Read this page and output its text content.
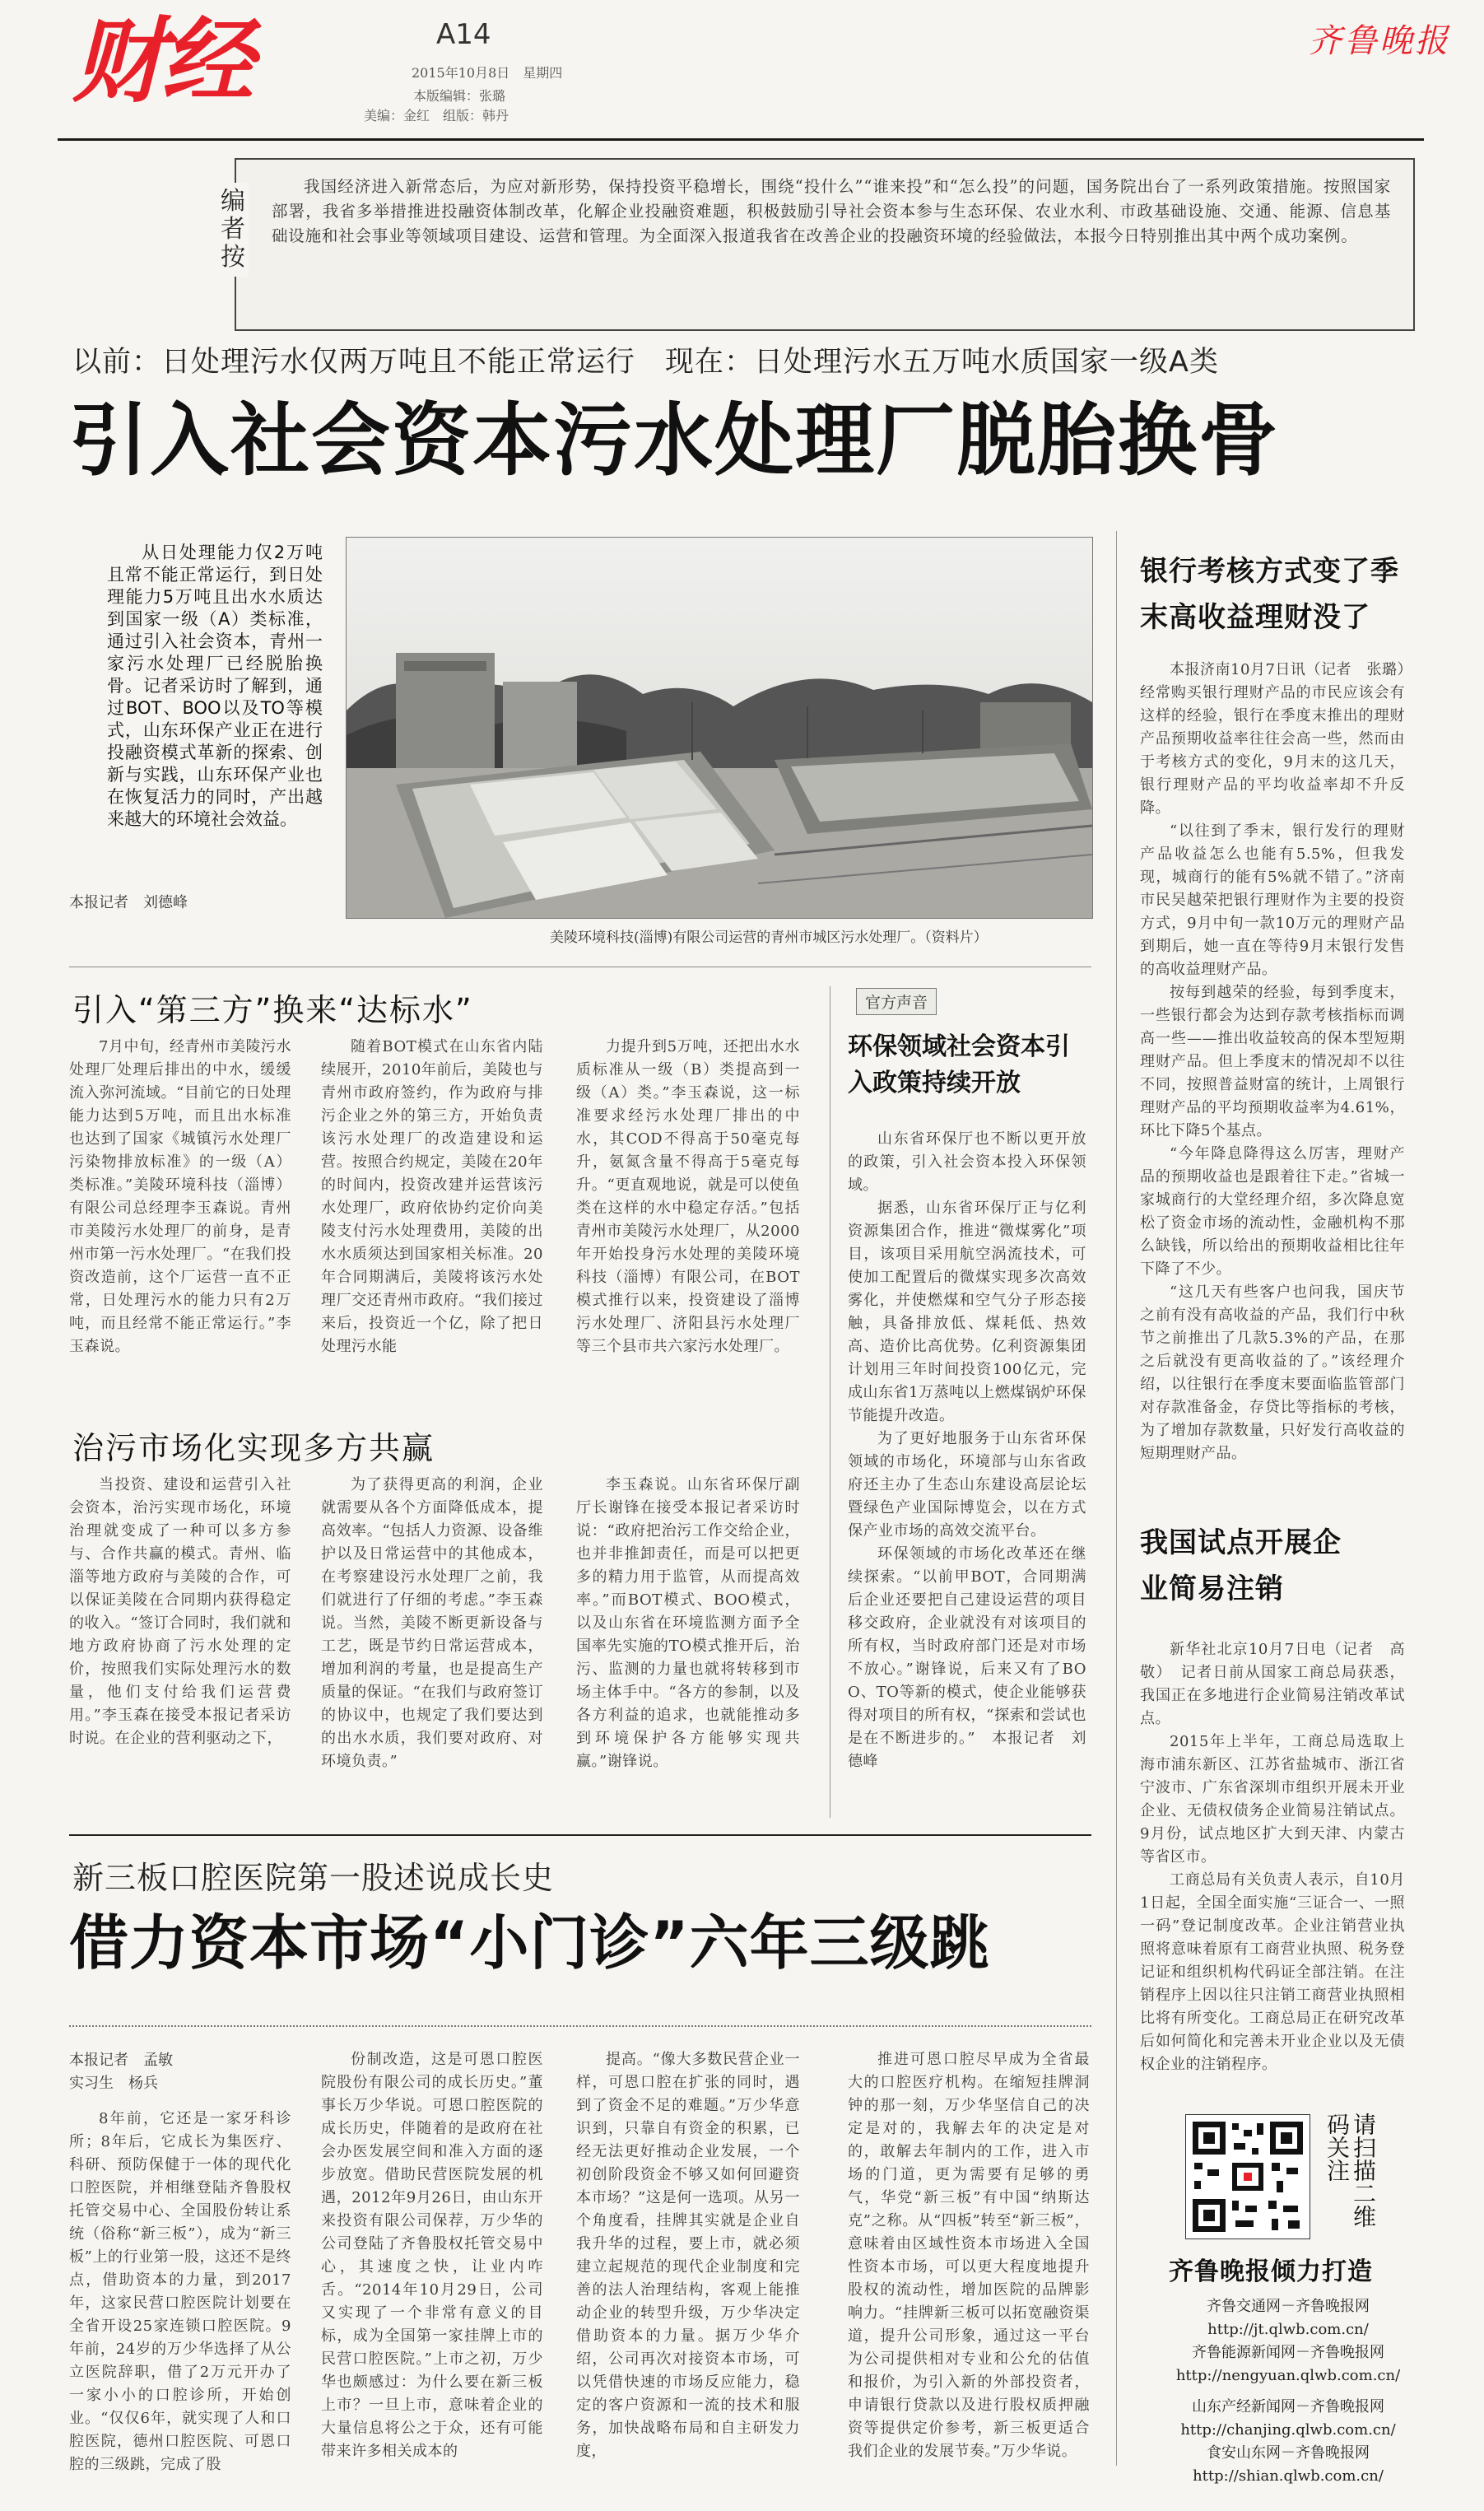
财经	A14
2015年10月8日　星期四
本版编辑：张璐
美编：金红　组版：韩丹
齐鲁晚报
编者按
我国经济进入新常态后，为应对新形势，保持投资平稳增长，围绕“投什么”“谁来投”和“怎么投”的问题，国务院出台了一系列政策措施。按照国家部署，我省多举措推进投融资体制改革，化解企业投融资难题，积极鼓励引导社会资本参与生态环保、农业水利、市政基础设施、交通、能源、信息基础设施和社会事业等领域项目建设、运营和管理。为全面深入报道我省在改善企业的投融资环境的经验做法，本报今日特别推出其中两个成功案例。
以前：日处理污水仅两万吨且不能正常运行　现在：日处理污水五万吨水质国家一级A类
引入社会资本污水处理厂脱胎换骨
从日处理能力仅2万吨且常不能正常运行，到日处理能力5万吨且出水水质达到国家一级（A）类标准，通过引入社会资本，青州一家污水处理厂已经脱胎换骨。记者采访时了解到，通过BOT、BOO以及TO等模式，山东环保产业正在进行投融资模式革新的探索、创新与实践，山东环保产业也在恢复活力的同时，产出越来越大的环境社会效益。
本报记者　刘德峰
美陵环境科技(淄博)有限公司运营的青州市城区污水处理厂。（资料片）
引入“第三方”换来“达标水”
7月中旬，经青州市美陵污水处理厂处理后排出的中水，缓缓流入弥河流域。“目前它的日处理能力达到5万吨，而且出水标准也达到了国家《城镇污水处理厂污染物排放标准》的一级（A）类标准。”美陵环境科技（淄博）有限公司总经理李玉森说。青州市美陵污水处理厂的前身，是青州市第一污水处理厂。“在我们投资改造前，这个厂运营一直不正常，日处理污水的能力只有2万吨，而且经常不能正常运行。”李玉森说。
随着BOT模式在山东省内陆续展开，2010年前后，美陵也与青州市政府签约，作为政府与排污企业之外的第三方，开始负责该污水处理厂的改造建设和运营。按照合约规定，美陵在20年的时间内，投资改建并运营该污水处理厂，政府依协约定价向美陵支付污水处理费用，美陵的出水水质须达到国家相关标准。20年合同期满后，美陵将该污水处理厂交还青州市政府。“我们接过来后，投资近一个亿，除了把日处理污水能
力提升到5万吨，还把出水水质标准从一级（B）类提高到一级（A）类。”李玉森说，这一标准要求经污水处理厂排出的中水，其COD不得高于50毫克每升，氨氮含量不得高于5毫克每升。“更直观地说，就是可以使鱼类在这样的水中稳定存活。”包括青州市美陵污水处理厂，从2000年开始投身污水处理的美陵环境科技（淄博）有限公司，在BOT模式推行以来，投资建设了淄博污水处理厂、济阳县污水处理厂等三个县市共六家污水处理厂。
治污市场化实现多方共赢
当投资、建设和运营引入社会资本，治污实现市场化，环境治理就变成了一种可以多方参与、合作共赢的模式。青州、临淄等地方政府与美陵的合作，可以保证美陵在合同期内获得稳定的收入。“签订合同时，我们就和地方政府协商了污水处理的定价，按照我们实际处理污水的数量，他们支付给我们运营费用。”李玉森在接受本报记者采访时说。在企业的营利驱动之下，
为了获得更高的利润，企业就需要从各个方面降低成本，提高效率。“包括人力资源、设备维护以及日常运营中的其他成本，在考察建设污水处理厂之前，我们就进行了仔细的考虑。”李玉森说。当然，美陵不断更新设备与工艺，既是节约日常运营成本，增加利润的考量，也是提高生产质量的保证。“在我们与政府签订的协议中，也规定了我们要达到的出水水质，我们要对政府、对环境负责。”
李玉森说。山东省环保厅副厅长谢锋在接受本报记者采访时说：“政府把治污工作交给企业，也并非推卸责任，而是可以把更多的精力用于监管，从而提高效率。”而BOT模式、BOO模式，以及山东省在环境监测方面予全国率先实施的TO模式推开后，治污、监测的力量也就将转移到市场主体手中。“各方的参制，以及各方利益的追求，也就能推动多到环境保护各方能够实现共赢。”谢锋说。
官方声音
环保领域社会资本引入政策持续开放

山东省环保厅也不断以更开放的政策，引入社会资本投入环保领域。

据悉，山东省环保厅正与亿利资源集团合作，推进“微煤雾化”项目，该项目采用航空涡流技术，可使加工配置后的微煤实现多次高效雾化，并使燃煤和空气分子形态接触，具备排放低、煤耗低、热效高、造价比高优势。亿利资源集团计划用三年时间投资100亿元，完成山东省1万蒸吨以上燃煤锅炉环保节能提升改造。

为了更好地服务于山东省环保领域的市场化，环境部与山东省政府还主办了生态山东建设高层论坛暨绿色产业国际博览会，以在方式保产业市场的高效交流平台。

环保领域的市场化改革还在继续探索。“以前甲BOT，合同期满后企业还要把自己建设运营的项目移交政府，企业就没有对该项目的所有权，当时政府部门还是对市场不放心。”谢锋说，后来又有了BOO、TO等新的模式，使企业能够获得对项目的所有权，“探索和尝试也是在不断进步的。”　本报记者　刘德峰

银行考核方式变了季末高收益理财没了

本报济南10月7日讯（记者　张璐）　经常购买银行理财产品的市民应该会有这样的经验，银行在季度末推出的理财产品预期收益率往往会高一些，然而由于考核方式的变化，9月末的这几天，银行理财产品的平均收益率却不升反降。

“以往到了季末，银行发行的理财产品收益怎么也能有5.5%，但我发现，城商行的能有5%就不错了。”济南市民吴越荣把银行理财作为主要的投资方式，9月中旬一款10万元的理财产品到期后，她一直在等待9月末银行发售的高收益理财产品。

按每到越荣的经验，每到季度末，一些银行都会为达到存款考核指标而调高一些——推出收益较高的保本型短期理财产品。但上季度末的情况却不以往不同，按照普益财富的统计，上周银行理财产品的平均预期收益率为4.61%，环比下降5个基点。

“今年降息降得这么厉害，理财产品的预期收益也是跟着往下走。”省城一家城商行的大堂经理介绍，多次降息宽松了资金市场的流动性，金融机构不那么缺钱，所以给出的预期收益相比往年下降了不少。

“这几天有些客户也问我，国庆节之前有没有高收益的产品，我们行中秋节之前推出了几款5.3%的产品，在那之后就没有更高收益的了。”该经理介绍，以往银行在季度末要面临监管部门对存款准备金，存贷比等指标的考核，为了增加存款数量，只好发行高收益的短期理财产品。

我国试点开展企业简易注销

新华社北京10月7日电（记者　高敬）　记者日前从国家工商总局获悉，我国正在多地进行企业简易注销改革试点。

2015年上半年，工商总局选取上海市浦东新区、江苏省盐城市、浙江省宁波市、广东省深圳市组织开展未开业企业、无债权债务企业简易注销试点。9月份，试点地区扩大到天津、内蒙古等省区市。

工商总局有关负责人表示，自10月1日起，全国全面实施“三证合一、一照一码”登记制度改革。企业注销营业执照将意味着原有工商营业执照、税务登记证和组织机构代码证全部注销。在注销程序上因以往只注销工商营业执照相比将有所变化。工商总局正在研究改革后如何简化和完善未开业企业以及无债权企业的注销程序。

请扫描二维码关注
齐鲁晚报倾力打造
齐鲁交通网－齐鲁晚报网
http://jt.qlwb.com.cn/
齐鲁能源新闻网－齐鲁晚报网
http://nengyuan.qlwb.com.cn/
山东产经新闻网－齐鲁晚报网
http://chanjing.qlwb.com.cn/
食安山东网－齐鲁晚报网
http://shian.qlwb.com.cn/
新三板口腔医院第一股述说成长史
借力资本市场“小门诊”六年三级跳
本报记者　孟敏
实习生　杨兵
8年前，它还是一家牙科诊所；8年后，它成长为集医疗、科研、预防保健于一体的现代化口腔医院，并相继登陆齐鲁股权托管交易中心、全国股份转让系统（俗称“新三板”），成为“新三板”上的行业第一股，这还不是终点，借助资本的力量，到2017年，这家民营口腔医院计划要在全省开设25家连锁口腔医院。9年前，24岁的万少华选择了从公立医院辞职，借了2万元开办了一家小小的口腔诊所，开始创业。“仅仅6年，就实现了人和口腔医院，德州口腔医院、可恩口腔的三级跳，完成了股
份制改造，这是可恩口腔医院股份有限公司的成长历史。”董事长万少华说。可恩口腔医院的成长历史，伴随着的是政府在社会办医发展空间和准入方面的逐步放宽。借助民营医院发展的机遇，2012年9月26日，由山东开来投资有限公司保荐，万少华的公司登陆了齐鲁股权托管交易中心，其速度之快，让业内咋舌。“2014年10月29日，公司又实现了一个非常有意义的目标，成为全国第一家挂牌上市的民营口腔医院。”上市之初，万少华也颇感过：为什么要在新三板上市？一旦上市，意味着企业的大量信息将公之于众，还有可能带来许多相关成本的
提高。“像大多数民营企业一样，可恩口腔在扩张的同时，遇到了资金不足的难题。”万少华意识到，只靠自有资金的积累，已经无法更好推动企业发展，一个初创阶段资金不够又如何回避资本市场？”这是何一选项。从另一个角度看，挂牌其实就是企业自我升华的过程，要上市，就必须建立起规范的现代企业制度和完善的法人治理结构，客观上能推动企业的转型升级，万少华决定借助资本的力量。据万少华介绍，公司再次对接资本市场，可以凭借快速的市场反应能力，稳定的客户资源和一流的技术和服务，加快战略布局和自主研发力度，
推进可恩口腔尽早成为全省最大的口腔医疗机构。在缩短挂牌洞钟的那一刻，万少华坚信自己的决定是对的，我解去年的决定是对的，敢解去年制内的工作，进入市场的门道，更为需要有足够的勇气，华党“新三板”有中国“纳斯达克”之称。从“四板”转至“新三板”，意味着由区域性资本市场进入全国性资本市场，可以更大程度地提升股权的流动性，增加医院的品牌影响力。“挂牌新三板可以拓宽融资渠道，提升公司形象，通过这一平台为公司提供相对专业和公允的估值和报价，为引入新的外部投资者，申请银行贷款以及进行股权质押融资等提供定价参考，新三板更适合我们企业的发展节奏。”万少华说。
